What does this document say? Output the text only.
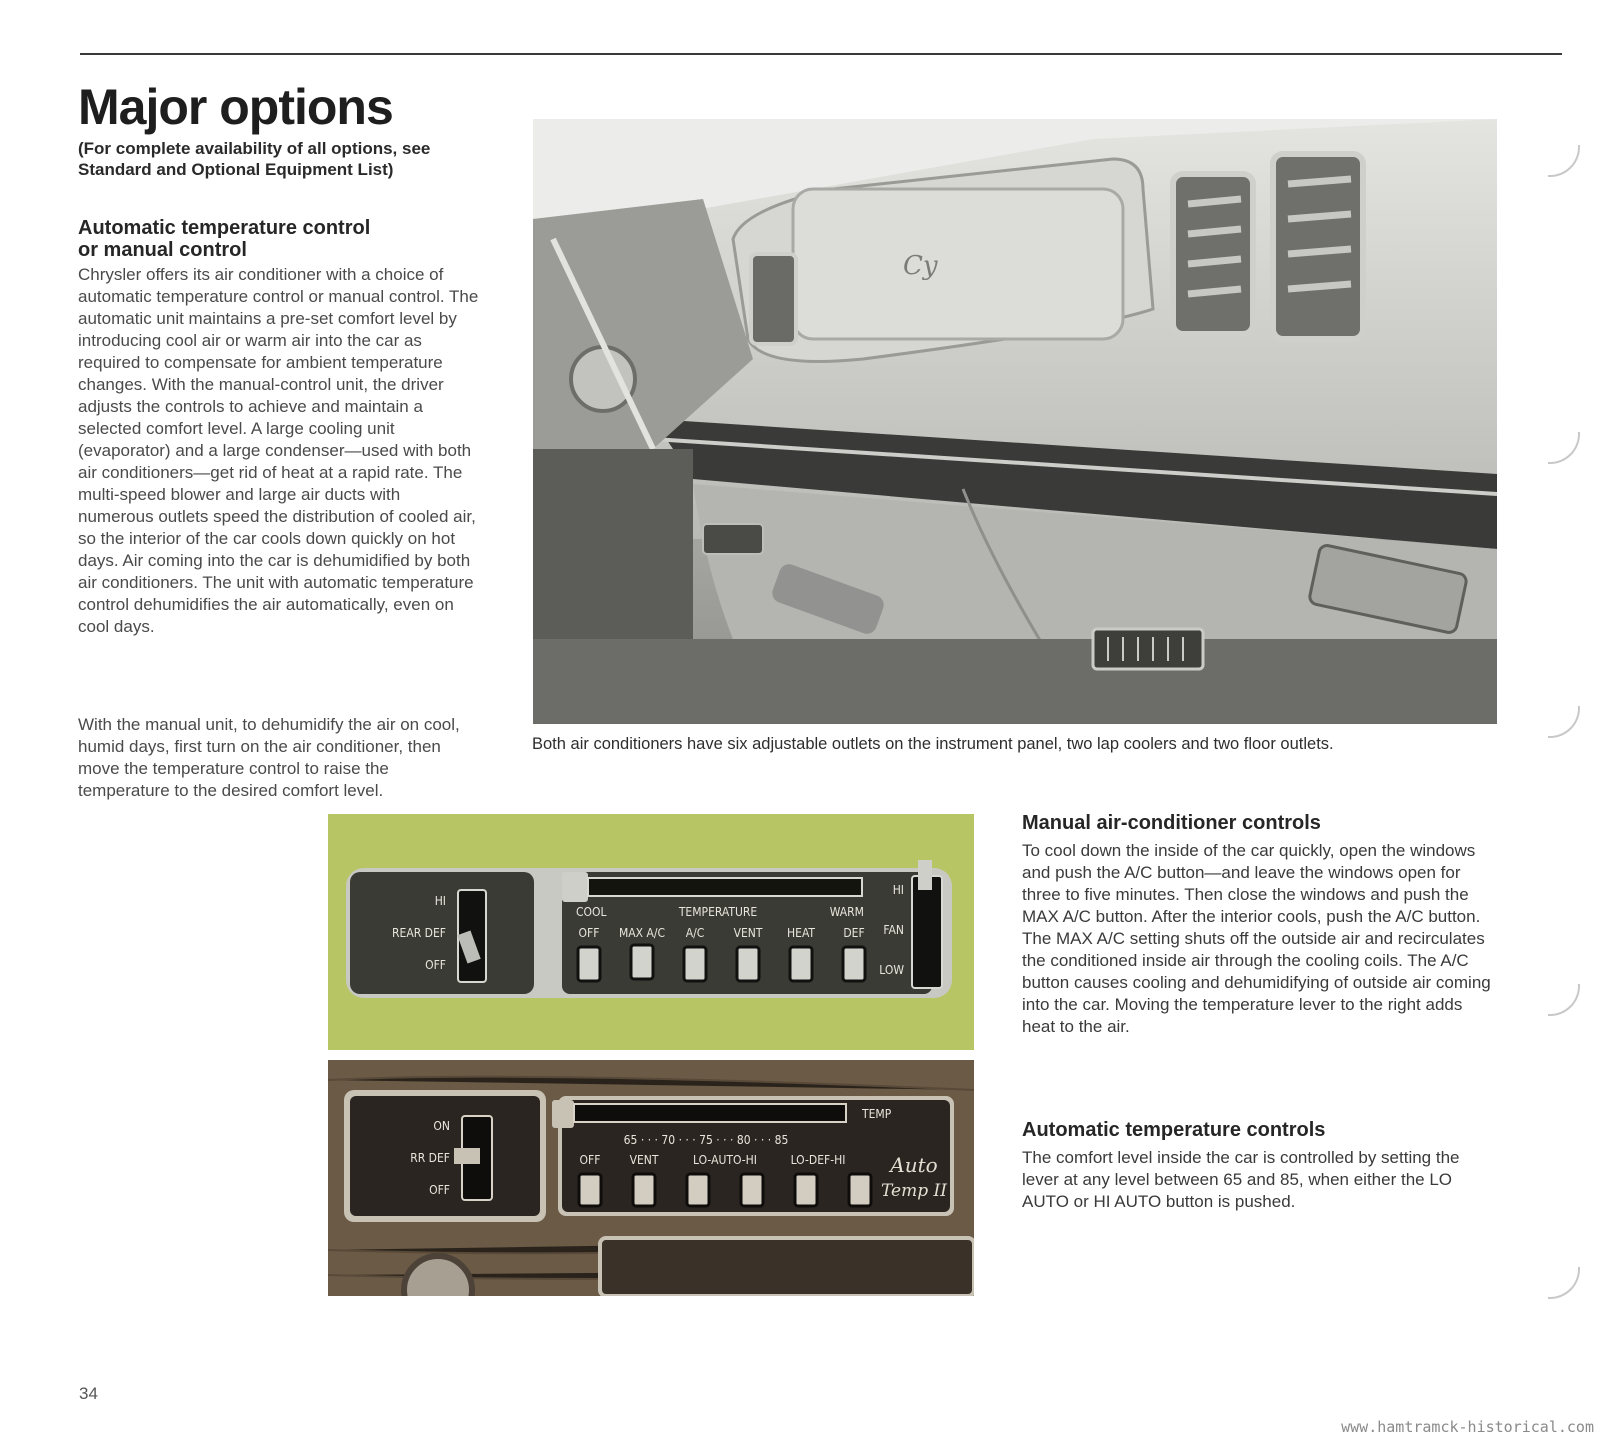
Major options
(For complete availability of all options, see Standard and Optional Equipment List)
Automatic temperature control
or manual control

Chrysler offers its air conditioner with a choice of automatic temperature control or manual control. The automatic unit maintains a pre-set comfort level by introducing cool air or warm air into the car as required to compensate for ambient temperature changes. With the manual-control unit, the driver adjusts the controls to achieve and maintain a selected comfort level. A large cooling unit (evaporator) and a large condenser—used with both air conditioners—get rid of heat at a rapid rate. The multi-speed blower and large air ducts with numerous outlets speed the distribution of cooled air, so the interior of the car cools down quickly on hot days. Air coming into the car is dehumidified by both air conditioners. The unit with automatic temperature control dehumidifies the air automatically, even on cool days.

With the manual unit, to dehumidify the air on cool, humid days, first turn on the air conditioner, then move the temperature control to raise the temperature to the desired comfort level.

Cy
Both air conditioners have six adjustable outlets on the instrument panel, two lap coolers and two floor outlets.
HI
REAR DEF
OFF
COOL	TEMPERATURE	WARM
OFF MAX A/C A/C VENT HEAT DEF
HI
FAN
LOW
ON
RR DEF
OFF
TEMP
65 · · · 70 · · · 75 · · · 80 · · · 85
OFF VENT	LO-AUTO-HI	LO-DEF-HI Auto
Temp II
Manual air-conditioner controls

To cool down the inside of the car quickly, open the windows and push the A/C button—and leave the windows open for three to five minutes. Then close the windows and push the MAX A/C button. After the interior cools, push the A/C button. The MAX A/C setting shuts off the outside air and recirculates the conditioned inside air through the cooling coils. The A/C button causes cooling and dehumidifying of outside air coming into the car. Moving the temperature lever to the right adds heat to the air.

Automatic temperature controls

The comfort level inside the car is controlled by setting the lever at any level between 65 and 85, when either the LO AUTO or HI AUTO button is pushed.

34
www.hamtramck-historical.com
